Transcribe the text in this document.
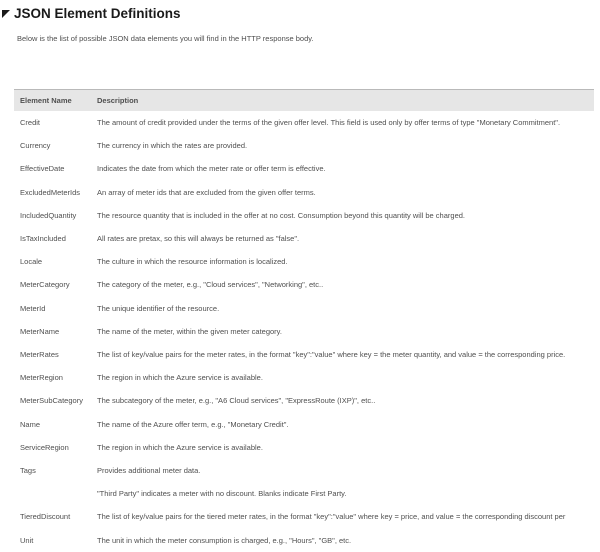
JSON Element Definitions

Below is the list of possible JSON data elements you will find in the HTTP response body.

Element Name	Description
Credit	The amount of credit provided under the terms of the given offer level. This field is used only by offer terms of type "Monetary Commitment".
Currency	The currency in which the rates are provided.
EffectiveDate	Indicates the date from which the meter rate or offer term is effective.
ExcludedMeterIds	An array of meter ids that are excluded from the given offer terms.
IncludedQuantity	The resource quantity that is included in the offer at no cost. Consumption beyond this quantity will be charged.
IsTaxIncluded	All rates are pretax, so this will always be returned as "false".
Locale	The culture in which the resource information is localized.
MeterCategory	The category of the meter, e.g., "Cloud services", "Networking", etc..
MeterId	The unique identifier of the resource.
MeterName	The name of the meter, within the given meter category.
MeterRates	The list of key/value pairs for the meter rates, in the format "key":"value" where key = the meter quantity, and value = the corresponding price.
MeterRegion	The region in which the Azure service is available.
MeterSubCategory	The subcategory of the meter, e.g., "A6 Cloud services", "ExpressRoute (IXP)", etc..
Name	The name of the Azure offer term, e.g., "Monetary Credit".
ServiceRegion	The region in which the Azure service is available.
Tags	Provides additional meter data.
"Third Party" indicates a meter with no discount. Blanks indicate First Party.
TieredDiscount	The list of key/value pairs for the tiered meter rates, in the format "key":"value" where key = price, and value = the corresponding discount per
Unit	The unit in which the meter consumption is charged, e.g., "Hours", "GB", etc.
